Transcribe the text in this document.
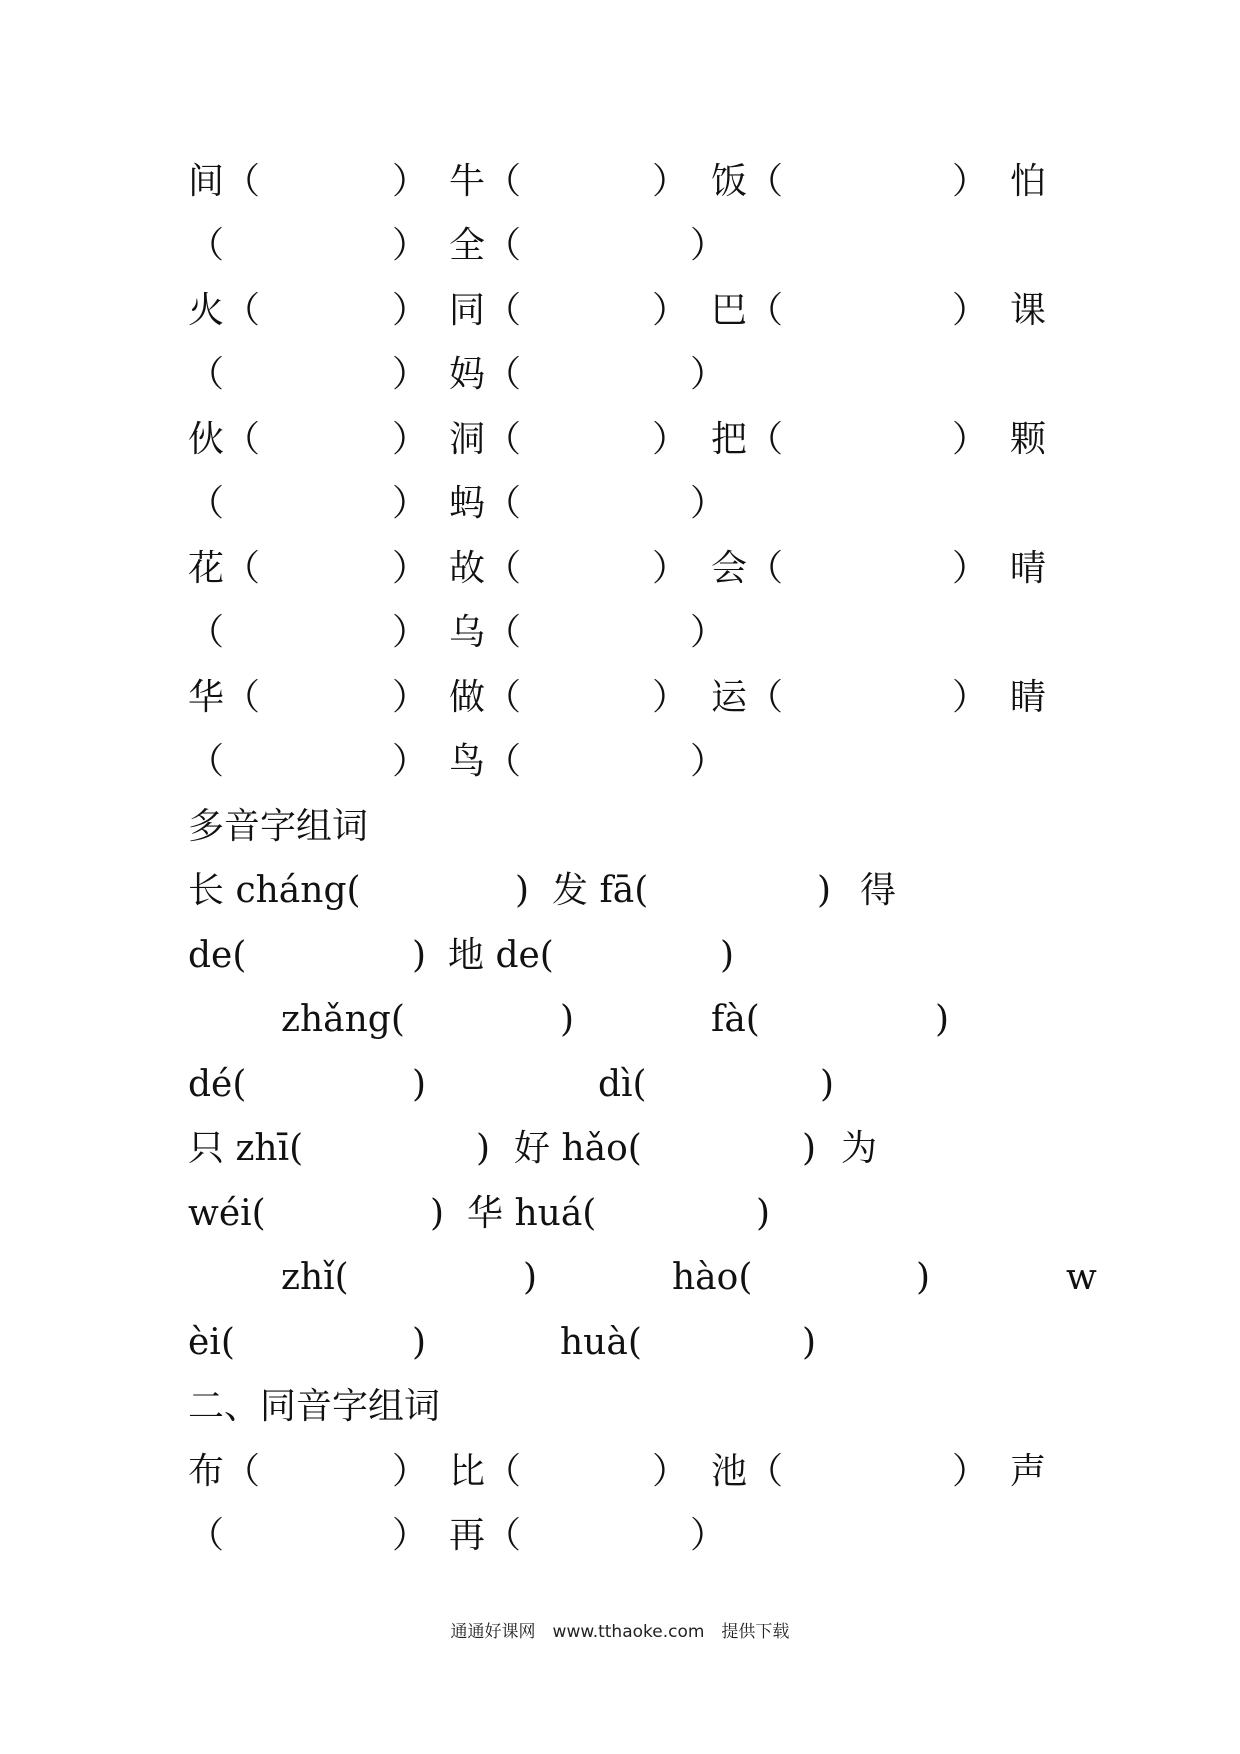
间（	） 牛（	） 饭（	） 怕
（	） 全（	）
火（	） 同（	） 巴（	） 课
（	） 妈（	）
伙（	） 洞（	） 把（	） 颗
（	） 蚂（	）
花（	） 故（	） 会（	） 晴
（	） 乌（	）
华（	） 做（	） 运（	） 睛
（	） 鸟（	）
多音字组词
长 cháng(	) 发 fā(	) 得
de(	) 地 de(	)
zhǎng(	)	fà(	)
dé(	)	dì(	)
只 zhī(	) 好 hǎo(	) 为
wéi(	) 华 huá(	)
zhǐ(	)	hào(	)	w
èi(	)	huà(	)
二、同音字组词
布（	） 比（	） 池（	） 声
（	） 再（	）
通通好课网　www.tthaoke.com　提供下载
